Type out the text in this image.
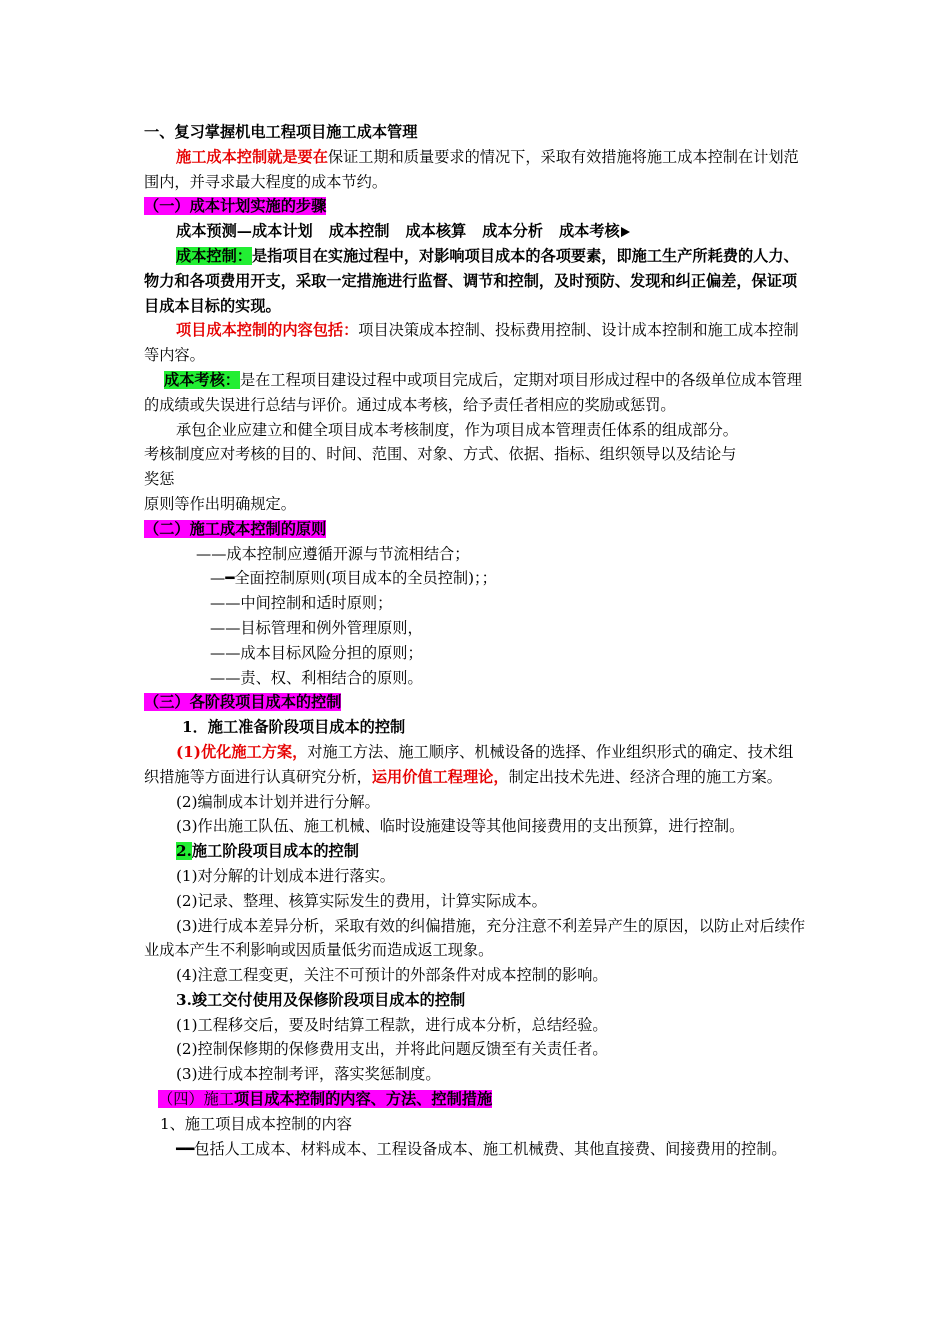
一、复习掌握机电工程项目施工成本管理
施工成本控制就是要在保证工期和质量要求的情况下，采取有效措施将施工成本控制在计划范围内，并寻求最大程度的成本节约。
（一）成本计划实施的步骤
成本预测—成本计划 成本控制 成本核算 成本分析 成本考核
成本控制：是指项目在实施过程中，对影响项目成本的各项要素，即施工生产所耗费的人力、物力和各项费用开支，采取一定措施进行监督、调节和控制，及时预防、发现和纠正偏差，保证项目成本目标的实现。
项目成本控制的内容包括：项目决策成本控制、投标费用控制、设计成本控制和施工成本控制等内容。
成本考核：是在工程项目建设过程中或项目完成后，定期对项目形成过程中的各级单位成本管理的成绩或失误进行总结与评价。通过成本考核，给予责任者相应的奖励或惩罚。
承包企业应建立和健全项目成本考核制度，作为项目成本管理责任体系的组成部分。
考核制度应对考核的目的、时间、范围、对象、方式、依据、指标、组织领导以及结论与
奖惩
原则等作出明确规定。
（二）施工成本控制的原则
——成本控制应遵循开源与节流相结合；
—━全面控制原则(项目成本的全员控制)；；
——中间控制和适时原则；
——目标管理和例外管理原则，
——成本目标风险分担的原则；
——责、权、利相结合的原则。
（三）各阶段项目成本的控制
1．施工准备阶段项目成本的控制
(1)优化施工方案，对施工方法、施工顺序、机械设备的选择、作业组织形式的确定、技术组织措施等方面进行认真研究分析，运用价值工程理论，制定出技术先进、经济合理的施工方案。
(2)编制成本计划并进行分解。
(3)作出施工队伍、施工机械、临时设施建设等其他间接费用的支出预算，进行控制。
2.施工阶段项目成本的控制
(1)对分解的计划成本进行落实。
(2)记录、整理、核算实际发生的费用，计算实际成本。
(3)进行成本差异分析，采取有效的纠偏措施，充分注意不利差异产生的原因，以防止对后续作业成本产生不利影响或因质量低劣而造成返工现象。
(4)注意工程变更，关注不可预计的外部条件对成本控制的影响。
3.竣工交付使用及保修阶段项目成本的控制
(1)工程移交后，要及时结算工程款，进行成本分析，总结经验。
(2)控制保修期的保修费用支出，并将此问题反馈至有关责任者。
(3)进行成本控制考评，落实奖惩制度。
（四）施工项目成本控制的内容、方法、控制措施
1、施工项目成本控制的内容
━━包括人工成本、材料成本、工程设备成本、施工机械费、其他直接费、间接费用的控制。
